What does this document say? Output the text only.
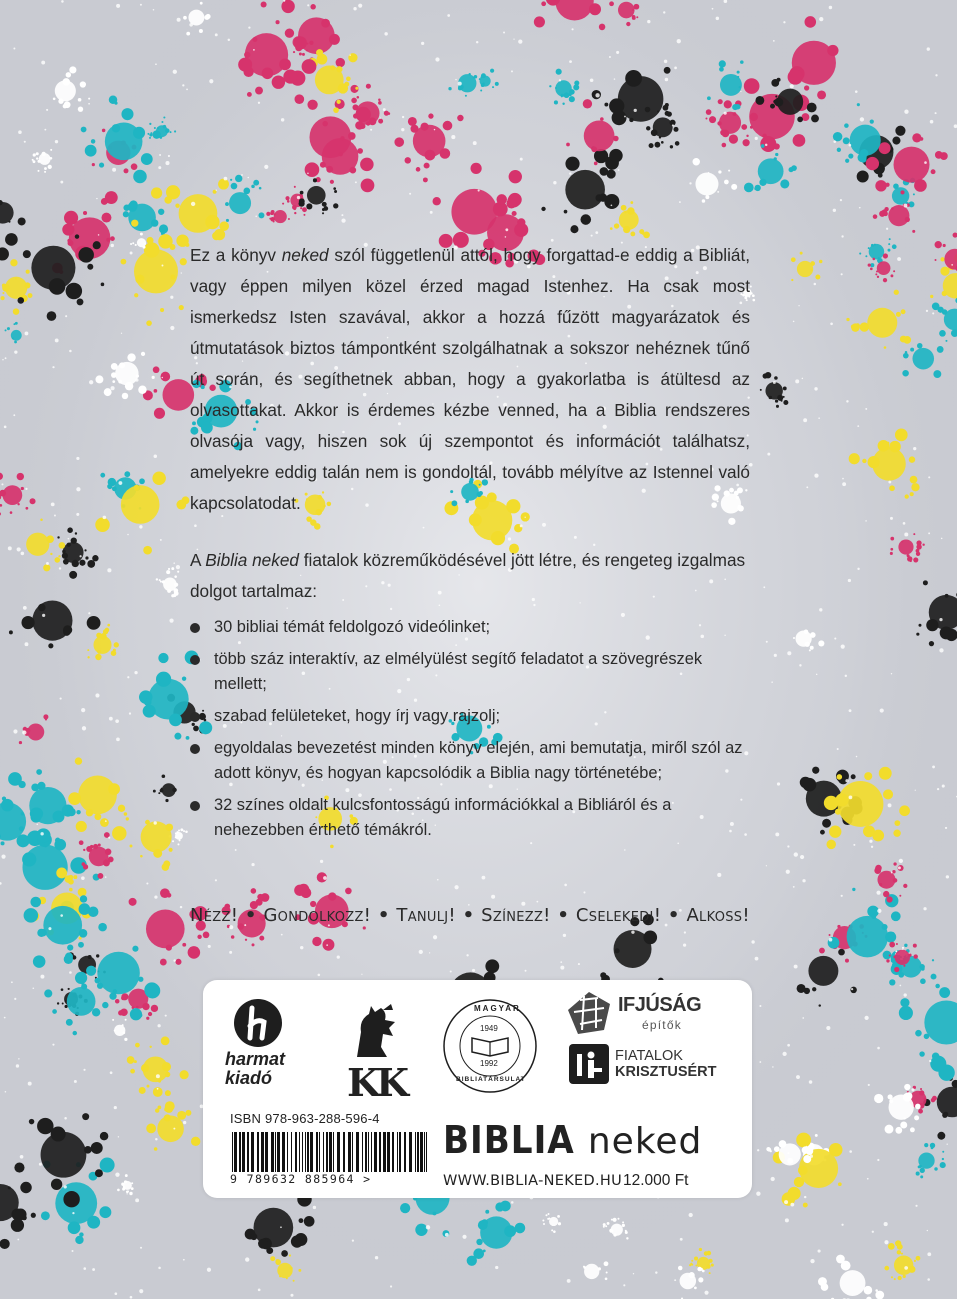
Ez a könyv neked szól függetlenül attól, hogy forgattad-e eddig a Bibliát, vagy éppen milyen közel érzed magad Istenhez. Ha csak most ismerkedsz Isten szavával, akkor a hozzá fűzött magyarázatok és útmutatások biztos támpontként szolgálhatnak a sokszor nehéznek tűnő út során, és segíthetnek abban, hogy a gyakorlatba is átültesd az olvasottakat. Akkor is érdemes kézbe venned, ha a Biblia rendszeres olvasója vagy, hiszen sok új szempontot és információt találhatsz, amelyekre eddig talán nem is gondoltál, tovább mélyítve az Istennel való kapcsolatodat.

A Biblia neked fiatalok közreműködésével jött létre, és rengeteg izgalmas dolgot tartalmaz:
30 bibliai témát feldolgozó videólinket;
több száz interaktív, az elmélyülést segítő feladatot a szövegrészek mellett;
szabad felületeket, hogy írj vagy rajzolj;
egyoldalas bevezetést minden könyv elején, ami bemutatja, miről szól az adott könyv, és hogyan kapcsolódik a Biblia nagy történetébe;
32 színes oldalt kulcsfontosságú információkkal a Bibliáról és a nehezebben érthető témákról.
Nézz! • Gondolkozz! • Tanulj! • Színezz! • Cselekedj! • Alkoss!
harmat
kiadó	KK
MAGYAR
1949
1992
BIBLIATÁRSULAT
IFJÚSÁG
építők
FIATALOK
KRISZTUSÉRT
ISBN 978-963-288-596-4
9 789632 885964 >
BIBLIA neked
WWW.BIBLIA-NEKED.HU 12.000 Ft
